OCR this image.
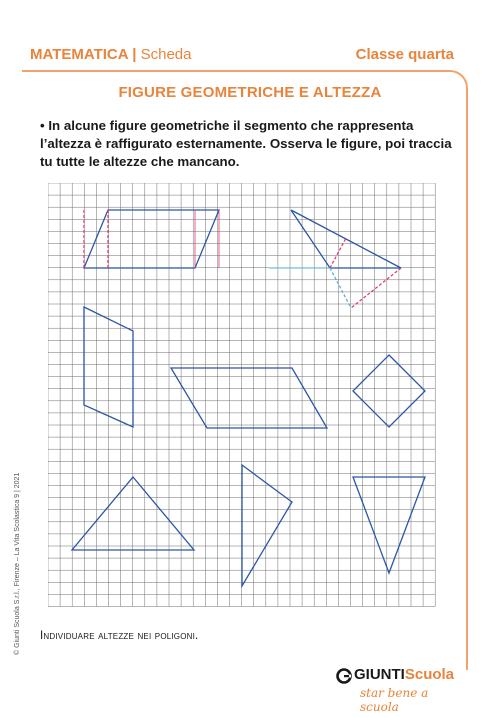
MATEMATICA | Scheda	Classe quarta
FIGURE GEOMETRICHE E ALTEZZA
• In alcune figure geometriche il segmento che rappresenta l’altezza è raffigurato esternamente. Osserva le figure, poi traccia tu tutte le altezze che mancano.
Individuare altezze nei poligoni.
© Giunti Scuola S.r.l., Firenze – La Vita Scolastica 9 | 2021
GIUNTIScuola
star bene a scuola
